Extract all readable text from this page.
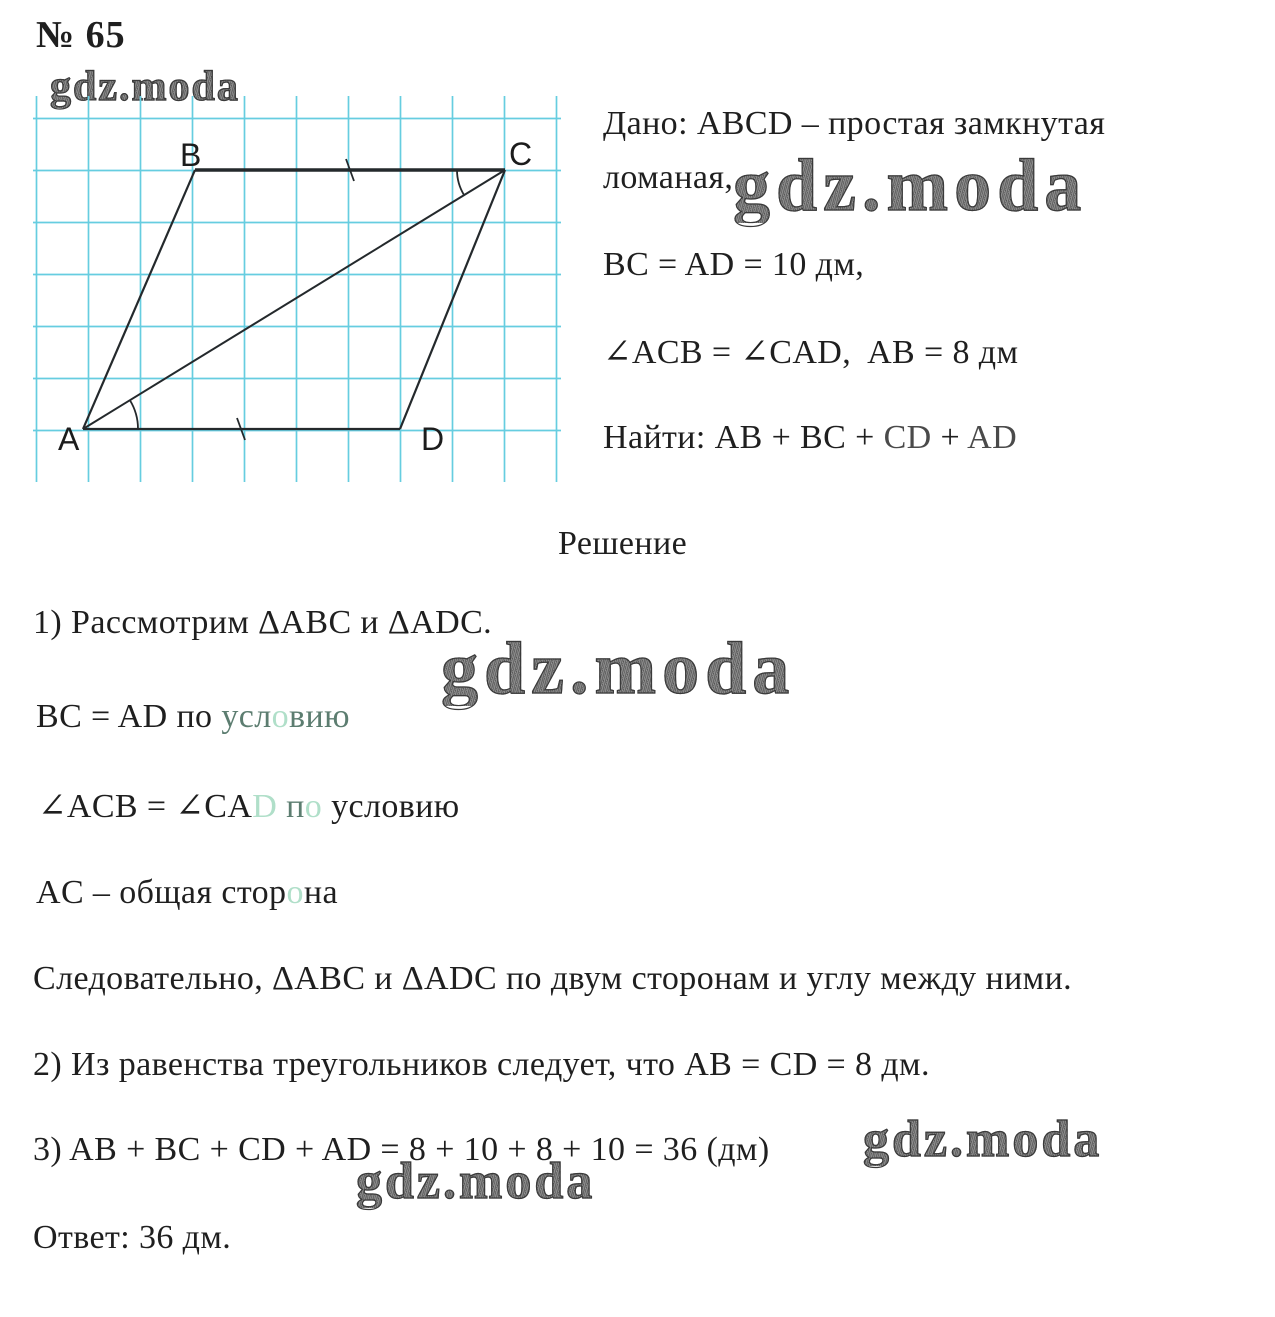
№ 65
gdz.moda
gdz.moda
gdz.moda
gdz.moda
gdz.moda
A
B	C
D
Дано: ABCD – простая замкнутая
ломаная,
BC = AD = 10 дм,
∠ACB = ∠CAD,  AB = 8 дм
Найти: AB + BC + CD + AD
Решение
1) Рассмотрим ΔABC и ΔADC.
BC = AD по условию
∠ACB = ∠CAD по условию
AC – общая сторона
Следовательно, ΔABC и ΔADC по двум сторонам и углу между ними.
2) Из равенства треугольников следует, что AB = CD = 8 дм.
3) AB + BC + CD + AD = 8 + 10 + 8 + 10 = 36 (дм)
Ответ: 36 дм.
